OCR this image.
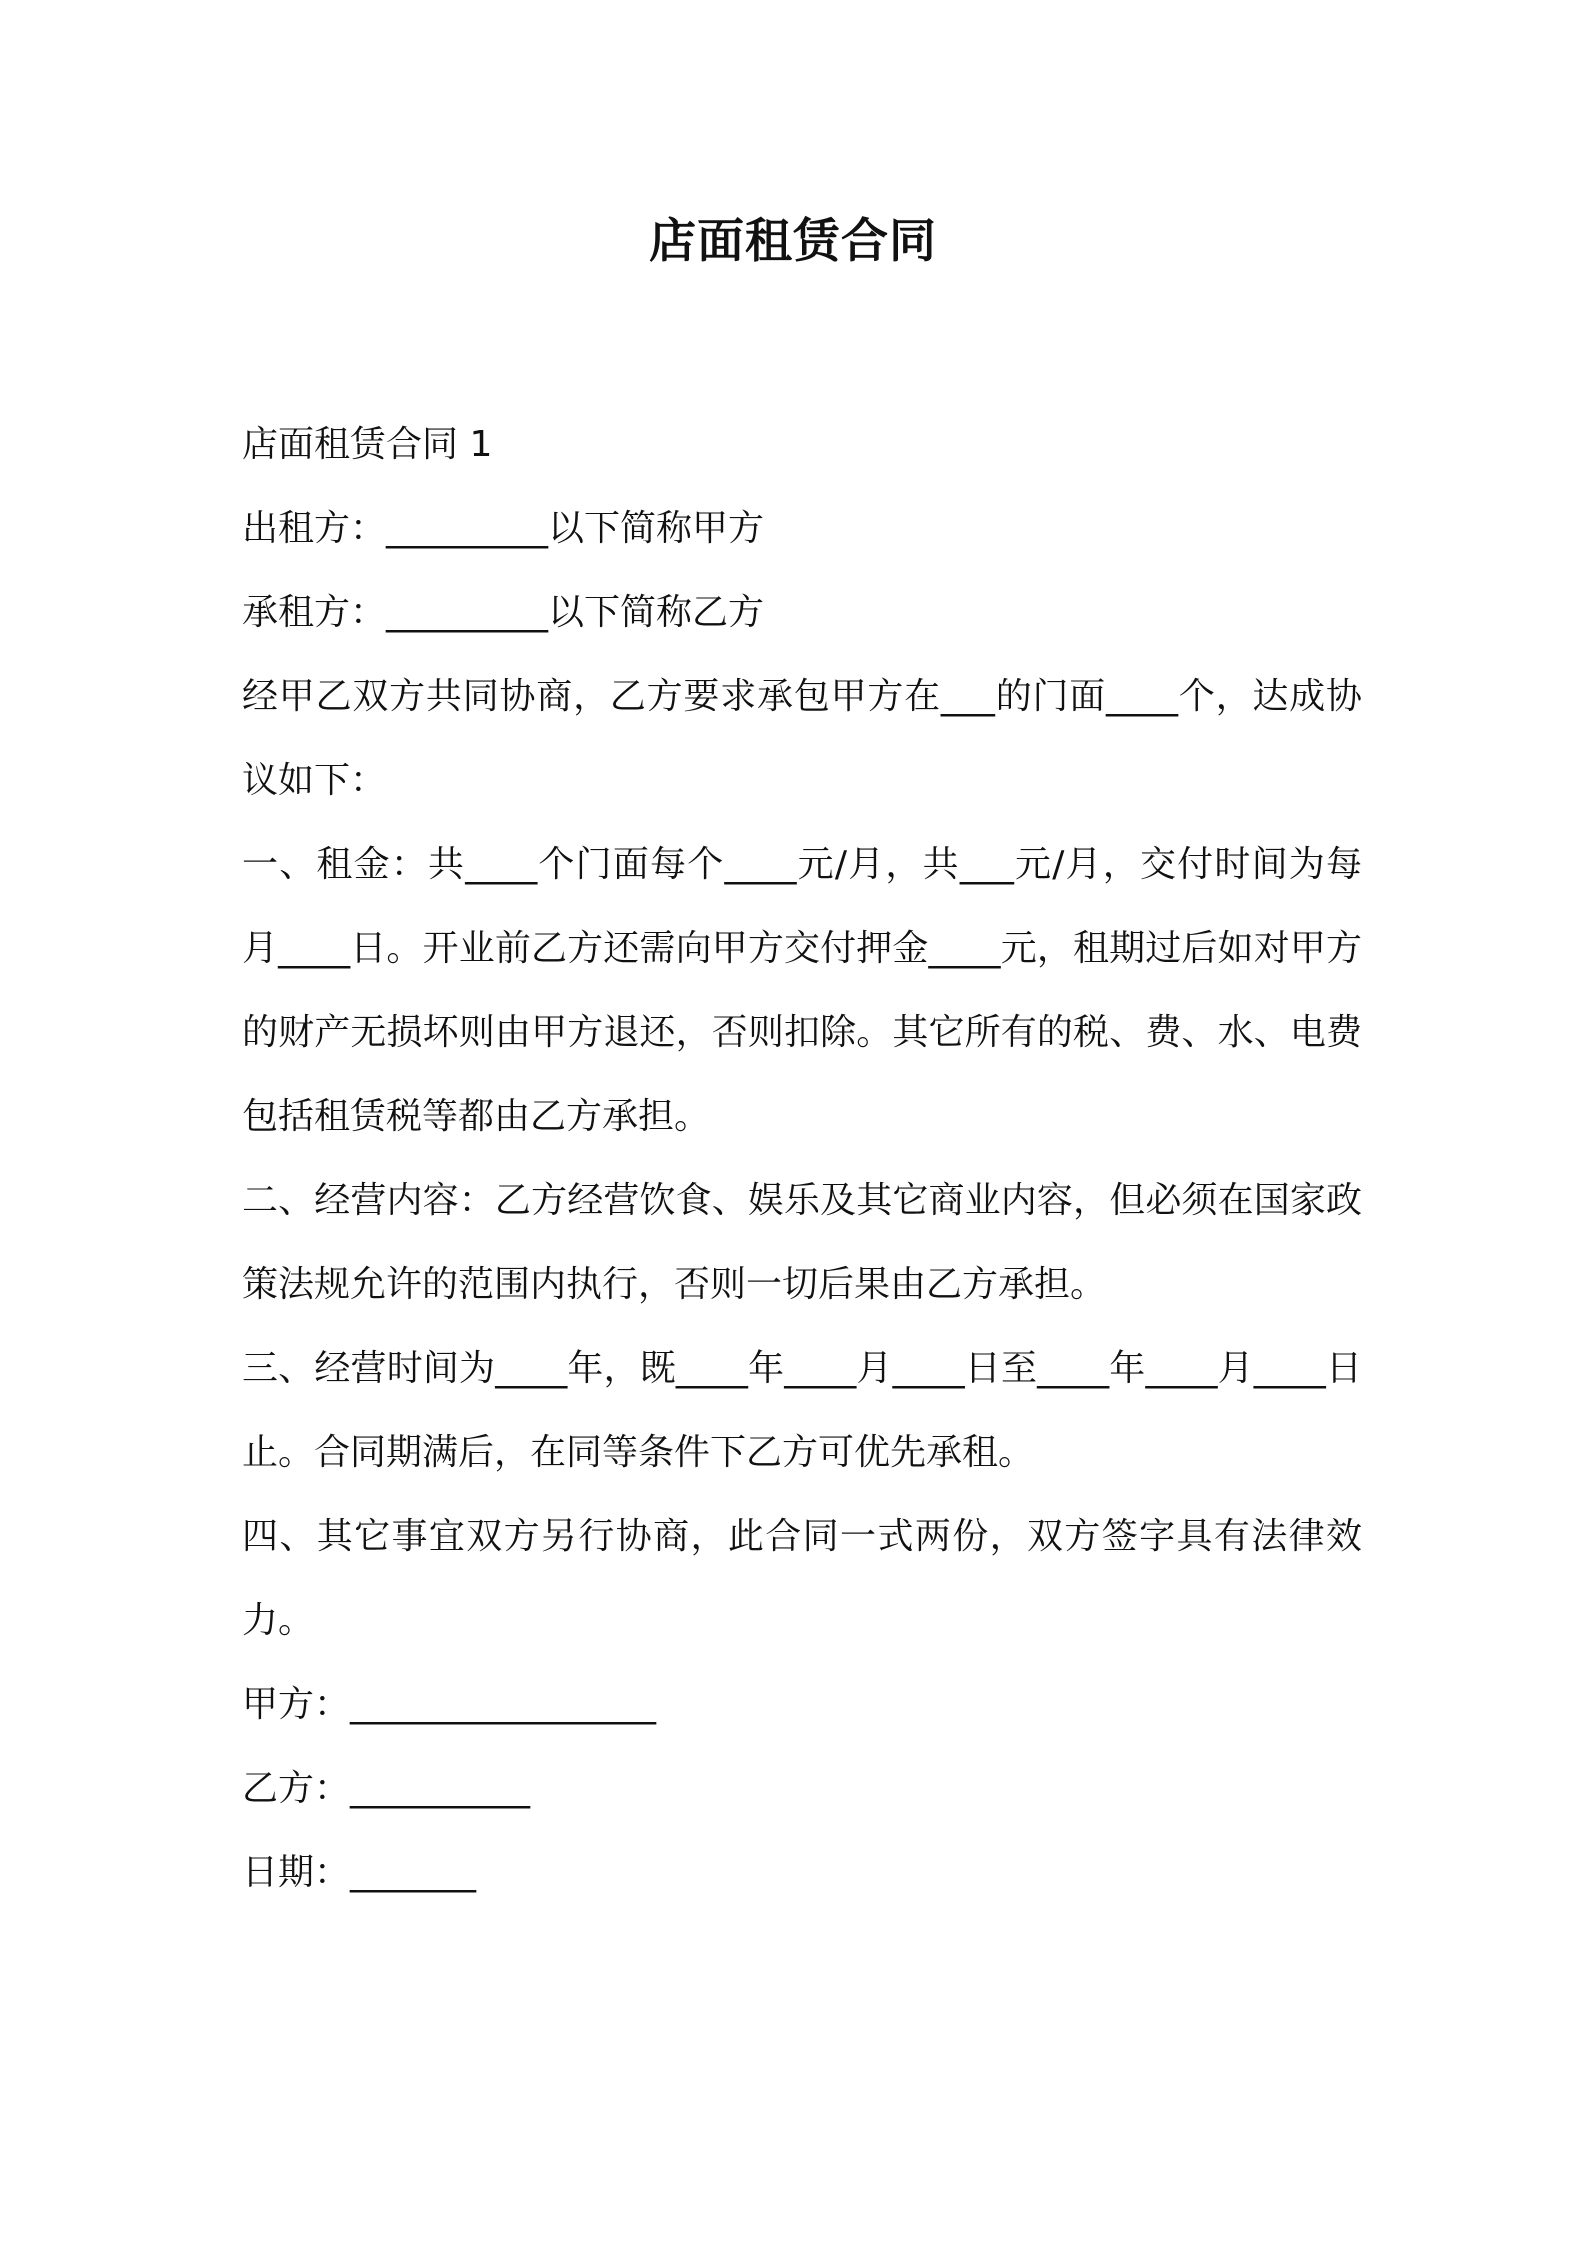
店面租赁合同

店面租赁合同 1

出租方：_________以下简称甲方

承租方：_________以下简称乙方

经甲乙双方共同协商，乙方要求承包甲方在___的门面____个，达成协议如下：

一、租金：共____个门面每个____元/月，共___元/月，交付时间为每月____日。开业前乙方还需向甲方交付押金____元，租期过后如对甲方的财产无损坏则由甲方退还，否则扣除。其它所有的税、费、水、电费包括租赁税等都由乙方承担。

二、经营内容：乙方经营饮食、娱乐及其它商业内容，但必须在国家政策法规允许的范围内执行，否则一切后果由乙方承担。

三、经营时间为____年，既____年____月____日至____年____月____日止。合同期满后，在同等条件下乙方可优先承租。

四、其它事宜双方另行协商，此合同一式两份，双方签字具有法律效力。

甲方：_________________

乙方：__________

日期：_______
